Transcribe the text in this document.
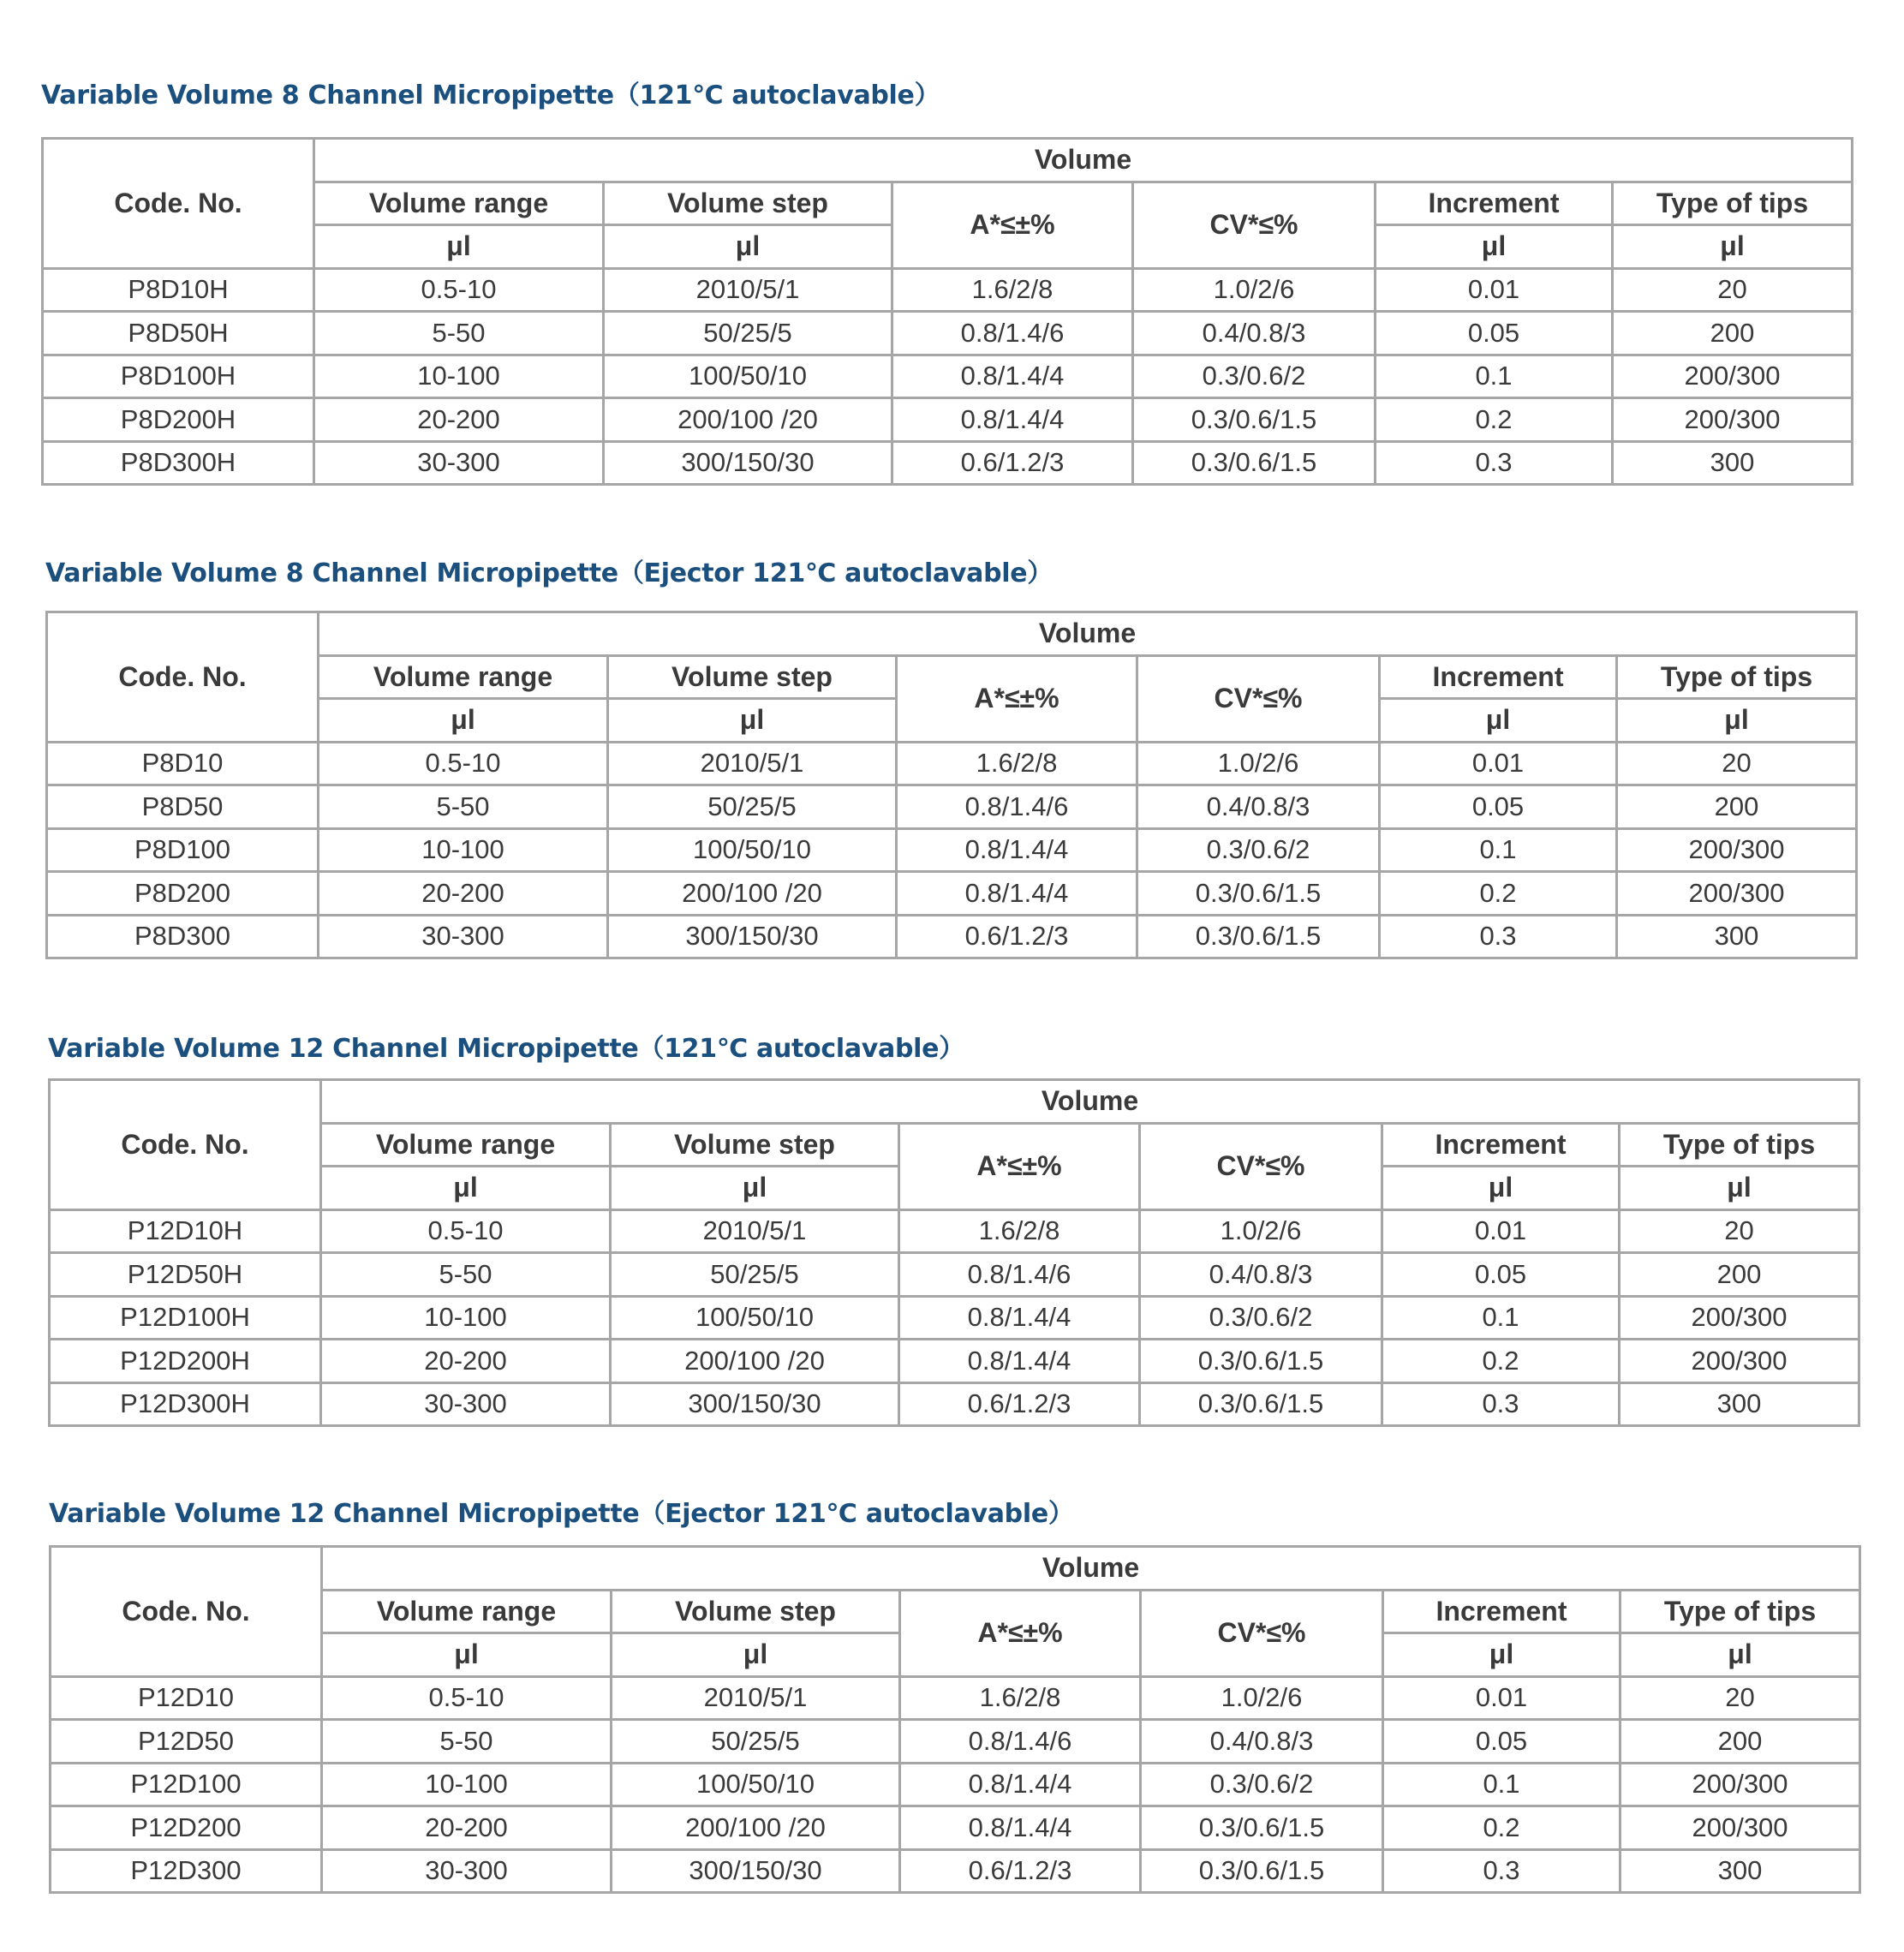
Variable Volume 8 Channel Micropipette（121℃ autoclavable）
Code. No.	Volume					
	Volume range	Volume step	A*≤±%	CV*≤%	Increment	Type of tips
	μl	μl			μl	μl
P8D10H	0.5-10	2010/5/1	1.6/2/8	1.0/2/6	0.01	20
P8D50H	5-50	50/25/5	0.8/1.4/6	0.4/0.8/3	0.05	200
P8D100H	10-100	100/50/10	0.8/1.4/4	0.3/0.6/2	0.1	200/300
P8D200H	20-200	200/100 /20	0.8/1.4/4	0.3/0.6/1.5	0.2	200/300
P8D300H	30-300	300/150/30	0.6/1.2/3	0.3/0.6/1.5	0.3	300
Variable Volume 8 Channel Micropipette（Ejector 121℃ autoclavable）
Code. No.	Volume					
	Volume range	Volume step	A*≤±%	CV*≤%	Increment	Type of tips
	μl	μl			μl	μl
P8D10	0.5-10	2010/5/1	1.6/2/8	1.0/2/6	0.01	20
P8D50	5-50	50/25/5	0.8/1.4/6	0.4/0.8/3	0.05	200
P8D100	10-100	100/50/10	0.8/1.4/4	0.3/0.6/2	0.1	200/300
P8D200	20-200	200/100 /20	0.8/1.4/4	0.3/0.6/1.5	0.2	200/300
P8D300	30-300	300/150/30	0.6/1.2/3	0.3/0.6/1.5	0.3	300
Variable Volume 12 Channel Micropipette（121℃ autoclavable）
Code. No.	Volume					
	Volume range	Volume step	A*≤±%	CV*≤%	Increment	Type of tips
	μl	μl			μl	μl
P12D10H	0.5-10	2010/5/1	1.6/2/8	1.0/2/6	0.01	20
P12D50H	5-50	50/25/5	0.8/1.4/6	0.4/0.8/3	0.05	200
P12D100H	10-100	100/50/10	0.8/1.4/4	0.3/0.6/2	0.1	200/300
P12D200H	20-200	200/100 /20	0.8/1.4/4	0.3/0.6/1.5	0.2	200/300
P12D300H	30-300	300/150/30	0.6/1.2/3	0.3/0.6/1.5	0.3	300
Variable Volume 12 Channel Micropipette（Ejector 121℃ autoclavable）
Code. No.	Volume					
	Volume range	Volume step	A*≤±%	CV*≤%	Increment	Type of tips
	μl	μl			μl	μl
P12D10	0.5-10	2010/5/1	1.6/2/8	1.0/2/6	0.01	20
P12D50	5-50	50/25/5	0.8/1.4/6	0.4/0.8/3	0.05	200
P12D100	10-100	100/50/10	0.8/1.4/4	0.3/0.6/2	0.1	200/300
P12D200	20-200	200/100 /20	0.8/1.4/4	0.3/0.6/1.5	0.2	200/300
P12D300	30-300	300/150/30	0.6/1.2/3	0.3/0.6/1.5	0.3	300
